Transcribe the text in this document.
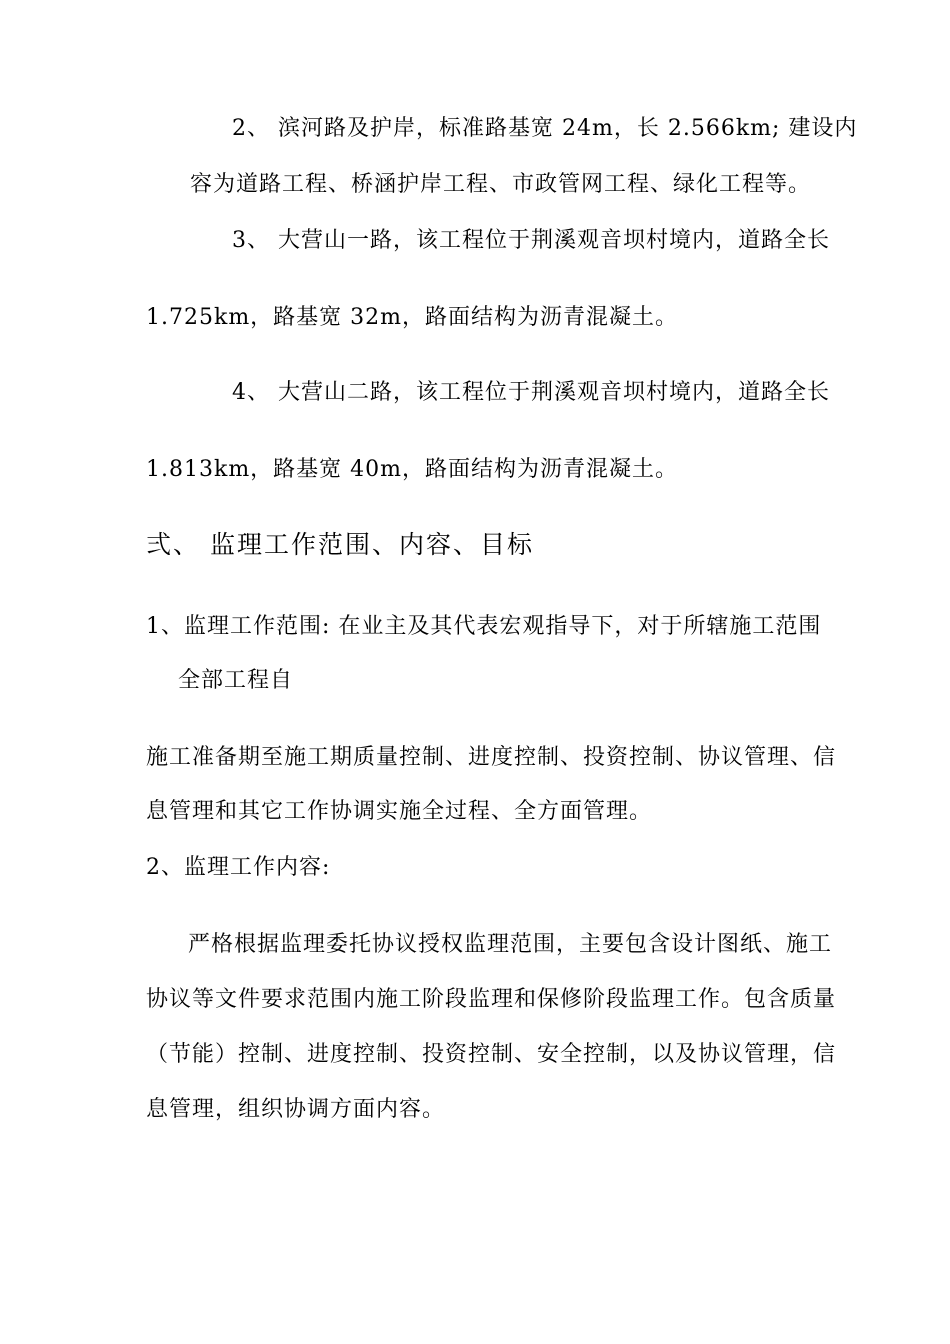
2、 滨河路及护岸，标准路基宽 24m，长 2.566km; 建设内
容为道路工程、桥涵护岸工程、市政管网工程、绿化工程等。
3、 大营山一路，该工程位于荆溪观音坝村境内，道路全长
1.725km，路基宽 32m，路面结构为沥青混凝土。
4、 大营山二路，该工程位于荆溪观音坝村境内，道路全长
1.813km，路基宽 40m，路面结构为沥青混凝土。
弍、 监理工作范围、内容、目标
1、监理工作范围: 在业主及其代表宏观指导下，对于所辖施工范围
全部工程自
施工准备期至施工期质量控制、进度控制、投资控制、协议管理、信
息管理和其它工作协调实施全过程、全方面管理。
2、监理工作内容:
严格根据监理委托协议授权监理范围，主要包含设计图纸、施工
协议等文件要求范围内施工阶段监理和保修阶段监理工作。包含质量
（节能）控制、进度控制、投资控制、安全控制，以及协议管理，信
息管理，组织协调方面内容。
